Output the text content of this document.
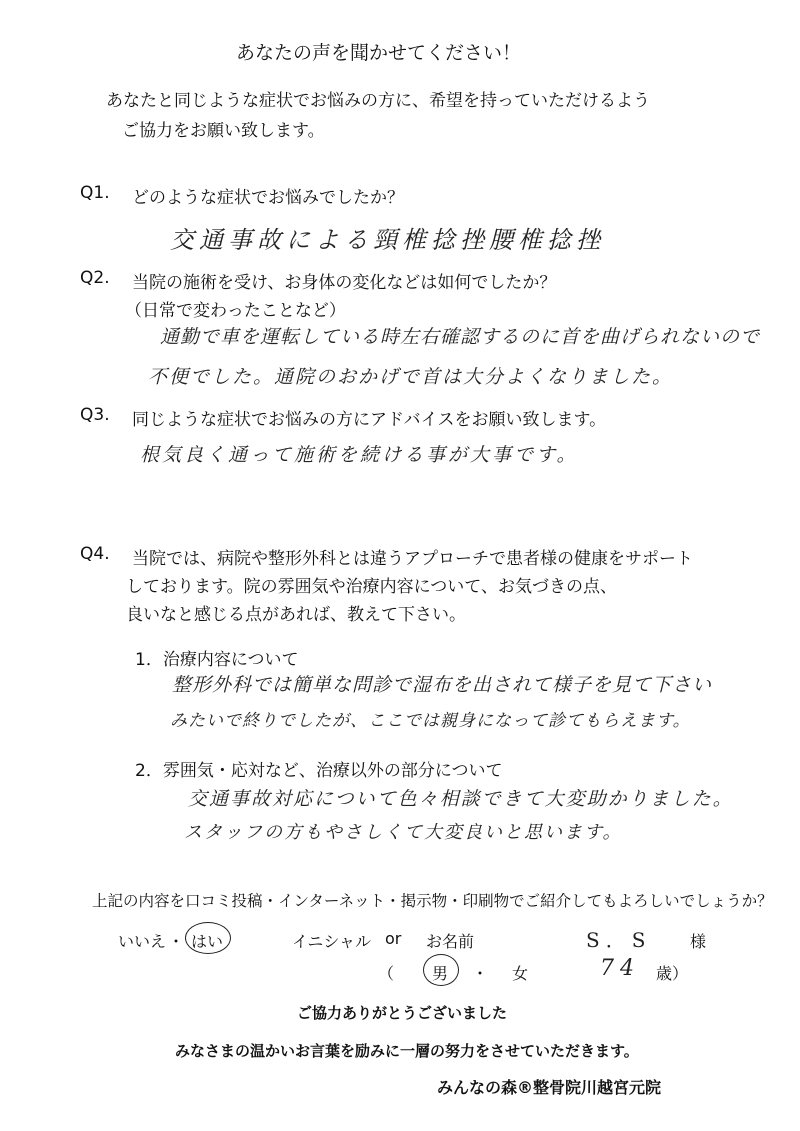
あなたの声を聞かせてください！
あなたと同じような症状でお悩みの方に、希望を持っていただけるよう
ご協力をお願い致します。
Q1. どのような症状でお悩みでしたか？
交通事故による頸椎捻挫腰椎捻挫
Q2. 当院の施術を受け、お身体の変化などは如何でしたか？
（日常で変わったことなど）
通勤で車を運転している時左右確認するのに首を曲げられないので
不便でした。通院のおかげで首は大分よくなりました。
Q3. 同じような症状でお悩みの方にアドバイスをお願い致します。
根気良く通って施術を続ける事が大事です。
Q4. 当院では、病院や整形外科とは違うアプローチで患者様の健康をサポート
しております。院の雰囲気や治療内容について、お気づきの点、
良いなと感じる点があれば、教えて下さい。
1．治療内容について
整形外科では簡単な問診で湿布を出されて様子を見て下さい
みたいで終りでしたが、ここでは親身になって診てもらえます。
2．雰囲気・応対など、治療以外の部分について
交通事故対応について色々相談できて大変助かりました。
スタッフの方もやさしくて大変良いと思います。
上記の内容を口コミ投稿・インターネット・掲示物・印刷物でご紹介してもよろしいでしょうか？
いいえ ・ はい	イニシャル or お名前	S．S 様
（ 男 ・ 女	74 歳）
ご協力ありがとうございました
みなさまの温かいお言葉を励みに一層の努力をさせていただきます。
みんなの森®整骨院川越宮元院
